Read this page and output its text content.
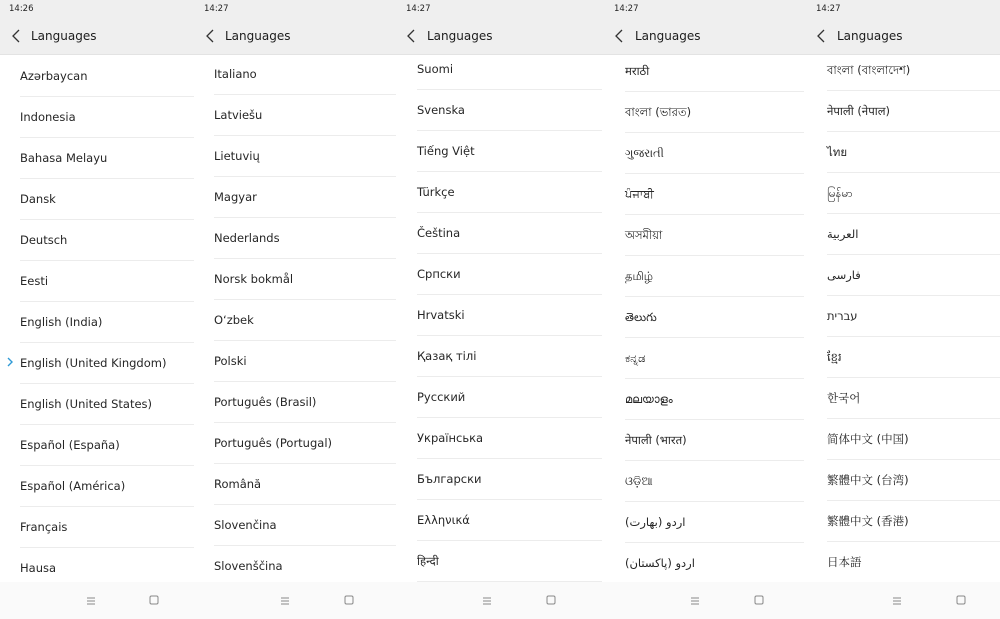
14:26
Languages
Azərbaycan
Indonesia
Bahasa Melayu
Dansk
Deutsch
Eesti
English (India)
English (United Kingdom)
English (United States)
Español (España)
Español (América)
Français
Hausa
14:27
Languages
Italiano
Latviešu
Lietuvių
Magyar
Nederlands
Norsk bokmål
O‘zbek
Polski
Português (Brasil)
Português (Portugal)
Română
Slovenčina
Slovenščina
14:27
Languages
Suomi
Svenska
Tiếng Việt
Türkçe
Čeština
Српски
Hrvatski
Қазақ тілі
Русский
Українська
Български
Ελληνικά
हिन्दी
14:27
Languages
मराठी
বাংলা (ভারত)
ગુજરાતી
ਪੰਜਾਬੀ
অসমীয়া
தமிழ்
తెలుగు
ಕನ್ನಡ
മലയാളം
नेपाली (भारत)
ଓଡ଼ିଆ
اردو (بھارت)
اردو (پاکستان)
14:27
Languages
বাংলা (বাংলাদেশ)
नेपाली (नेपाल)
ไทย
မြန်မာ
العربية
فارسی
עברית
ខ្មែរ
한국어
简体中文 (中国)
繁體中文 (台湾)
繁體中文 (香港)
日本語
